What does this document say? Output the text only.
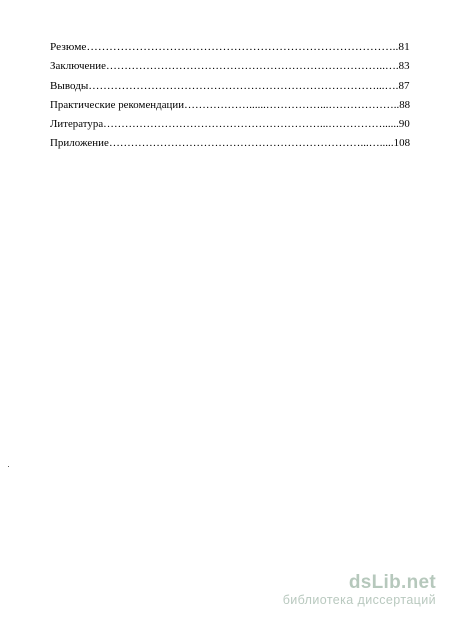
Резюме………………………………………………………………………..81
Заключение…………………………………………………………………..….83
Выводы……………………………………………………………………...….87
Практические рекомендации………………......……………...………………..88
Литература……………………………………………………...……………......90
Приложение……………………………………………………………...….....108
dsLib.net
библиотека диссертаций
